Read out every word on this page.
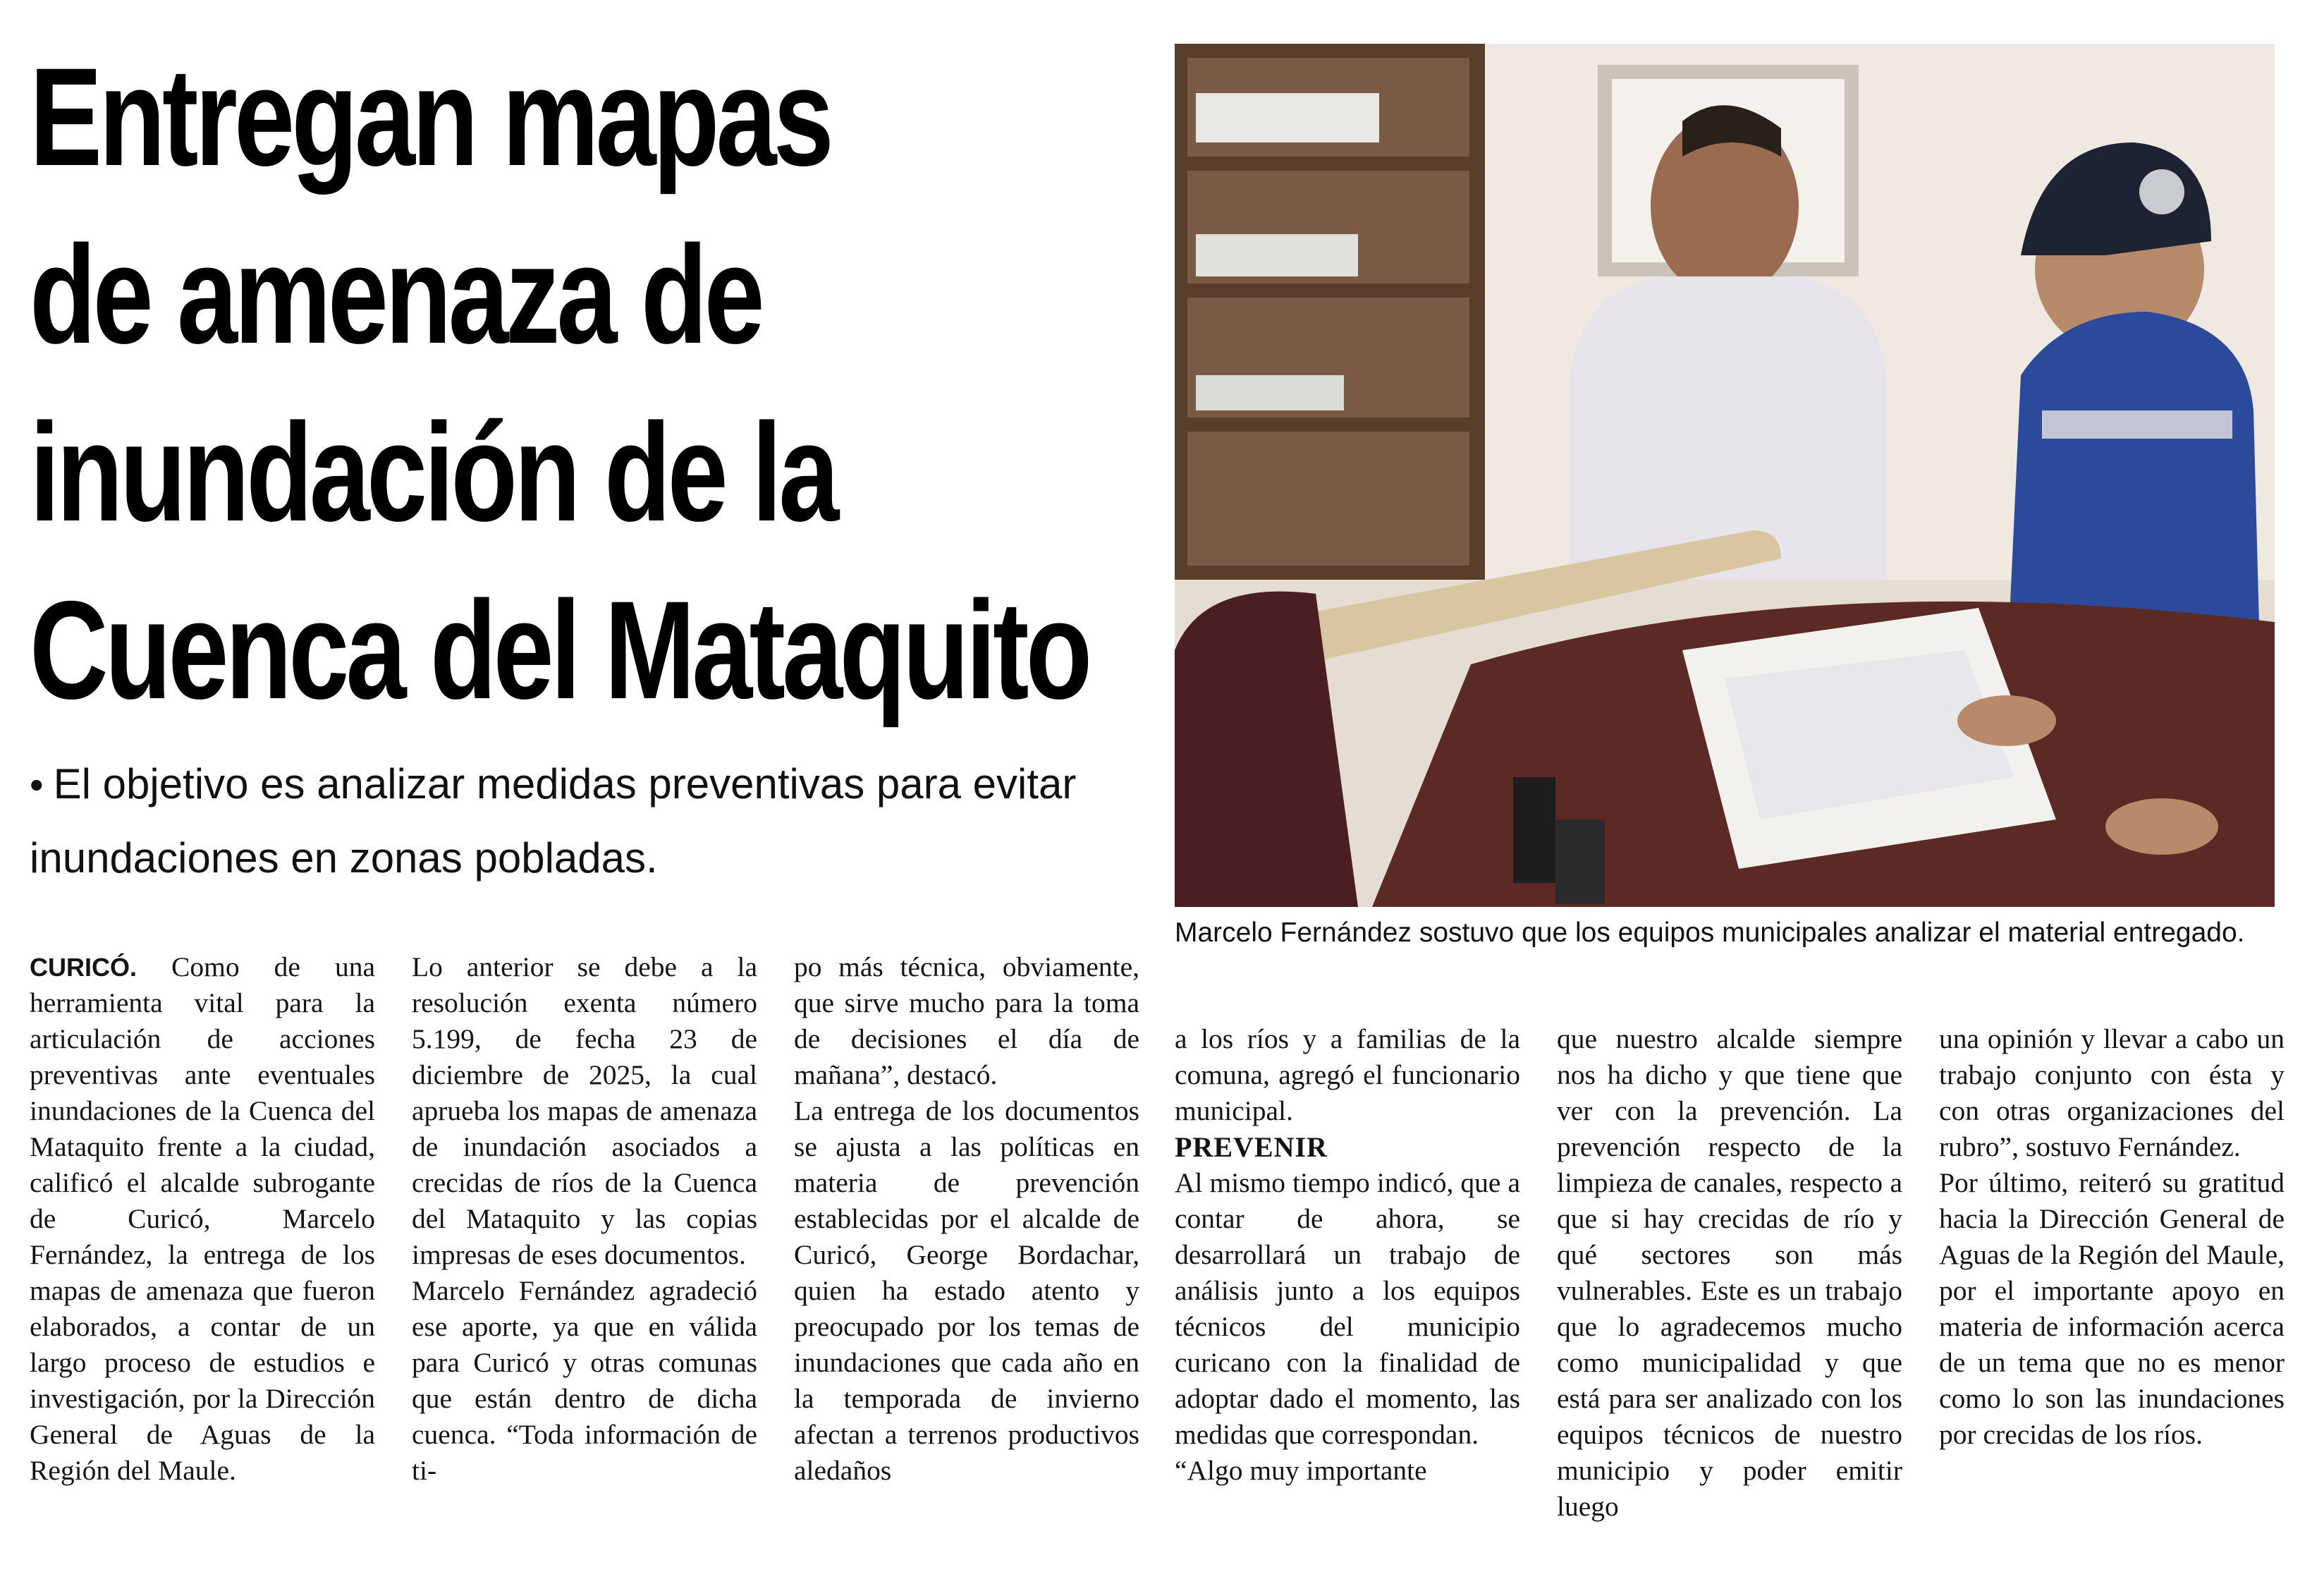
Entregan mapas
de amenaza de
inundación de la
Cuenca del Mataquito
• El objetivo es analizar medidas preventivas para evitar inundaciones en zonas pobladas.
Marcelo Fernández sostuvo que los equipos municipales analizar el material entregado.

CURICÓ. Como de una herramienta vital para la articulación de acciones preventivas ante eventuales inundaciones de la Cuenca del Mataquito frente a la ciudad, calificó el alcalde subrogante de Curicó, Marcelo Fernández, la entrega de los mapas de amenaza que fueron elaborados, a contar de un largo proceso de estudios e investigación, por la Dirección General de Aguas de la Región del Maule.

Lo anterior se debe a la resolución exenta número 5.199, de fecha 23 de diciembre de 2025, la cual aprueba los mapas de amenaza de inundación asociados a crecidas de ríos de la Cuenca del Mataquito y las copias impresas de eses documentos.

Marcelo Fernández agradeció ese aporte, ya que en válida para Curicó y otras comunas que están dentro de dicha cuenca. “Toda información de ti-

po más técnica, obviamente, que sirve mucho para la toma de decisiones el día de mañana”, destacó.

La entrega de los documentos se ajusta a las políticas en materia de prevención establecidas por el alcalde de Curicó, George Bordachar, quien ha estado atento y preocupado por los temas de inundaciones que cada año en la temporada de invierno afectan a terrenos productivos aledaños

a los ríos y a familias de la comuna, agregó el funcionario municipal.

PREVENIR

Al mismo tiempo indicó, que a contar de ahora, se desarrollará un trabajo de análisis junto a los equipos técnicos del municipio curicano con la finalidad de adoptar dado el momento, las medidas que correspondan.

“Algo muy importante

que nuestro alcalde siempre nos ha dicho y que tiene que ver con la prevención. La prevención respecto de la limpieza de canales, respecto a que si hay crecidas de río y qué sectores son más vulnerables. Este es un trabajo que lo agradecemos mucho como municipalidad y que está para ser analizado con los equipos técnicos de nuestro municipio y poder emitir luego

una opinión y llevar a cabo un trabajo conjunto con ésta y con otras organizaciones del rubro”, sostuvo Fernández.

Por último, reiteró su gratitud hacia la Dirección General de Aguas de la Región del Maule, por el importante apoyo en materia de información acerca de un tema que no es menor como lo son las inundaciones por crecidas de los ríos.
